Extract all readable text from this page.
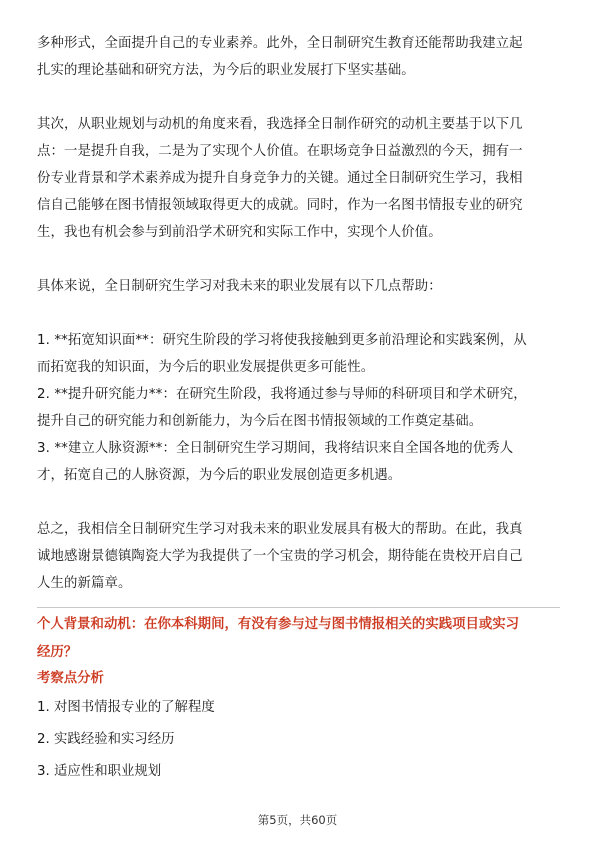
多种形式，全面提升自己的专业素养。此外，全日制研究生教育还能帮助我建立起

扎实的理论基础和研究方法，为今后的职业发展打下坚实基础。

其次，从职业规划与动机的角度来看，我选择全日制作研究的动机主要基于以下几

点：一是提升自我，二是为了实现个人价值。在职场竞争日益激烈的今天，拥有一

份专业背景和学术素养成为提升自身竞争力的关键。通过全日制研究生学习，我相

信自己能够在图书情报领域取得更大的成就。同时，作为一名图书情报专业的研究

生，我也有机会参与到前沿学术研究和实际工作中，实现个人价值。

具体来说，全日制研究生学习对我未来的职业发展有以下几点帮助：

1. **拓宽知识面**：研究生阶段的学习将使我接触到更多前沿理论和实践案例，从

而拓宽我的知识面，为今后的职业发展提供更多可能性。

2. **提升研究能力**：在研究生阶段，我将通过参与导师的科研项目和学术研究，

提升自己的研究能力和创新能力，为今后在图书情报领域的工作奠定基础。

3. **建立人脉资源**：全日制研究生学习期间，我将结识来自全国各地的优秀人

才，拓宽自己的人脉资源，为今后的职业发展创造更多机遇。

总之，我相信全日制研究生学习对我未来的职业发展具有极大的帮助。在此，我真

诚地感谢景德镇陶瓷大学为我提供了一个宝贵的学习机会，期待能在贵校开启自己

人生的新篇章。

个人背景和动机：在你本科期间，有没有参与过与图书情报相关的实践项目或实习

经历？

考察点分析

1. 对图书情报专业的了解程度

2. 实践经验和实习经历

3. 适应性和职业规划

第5页，共60页
